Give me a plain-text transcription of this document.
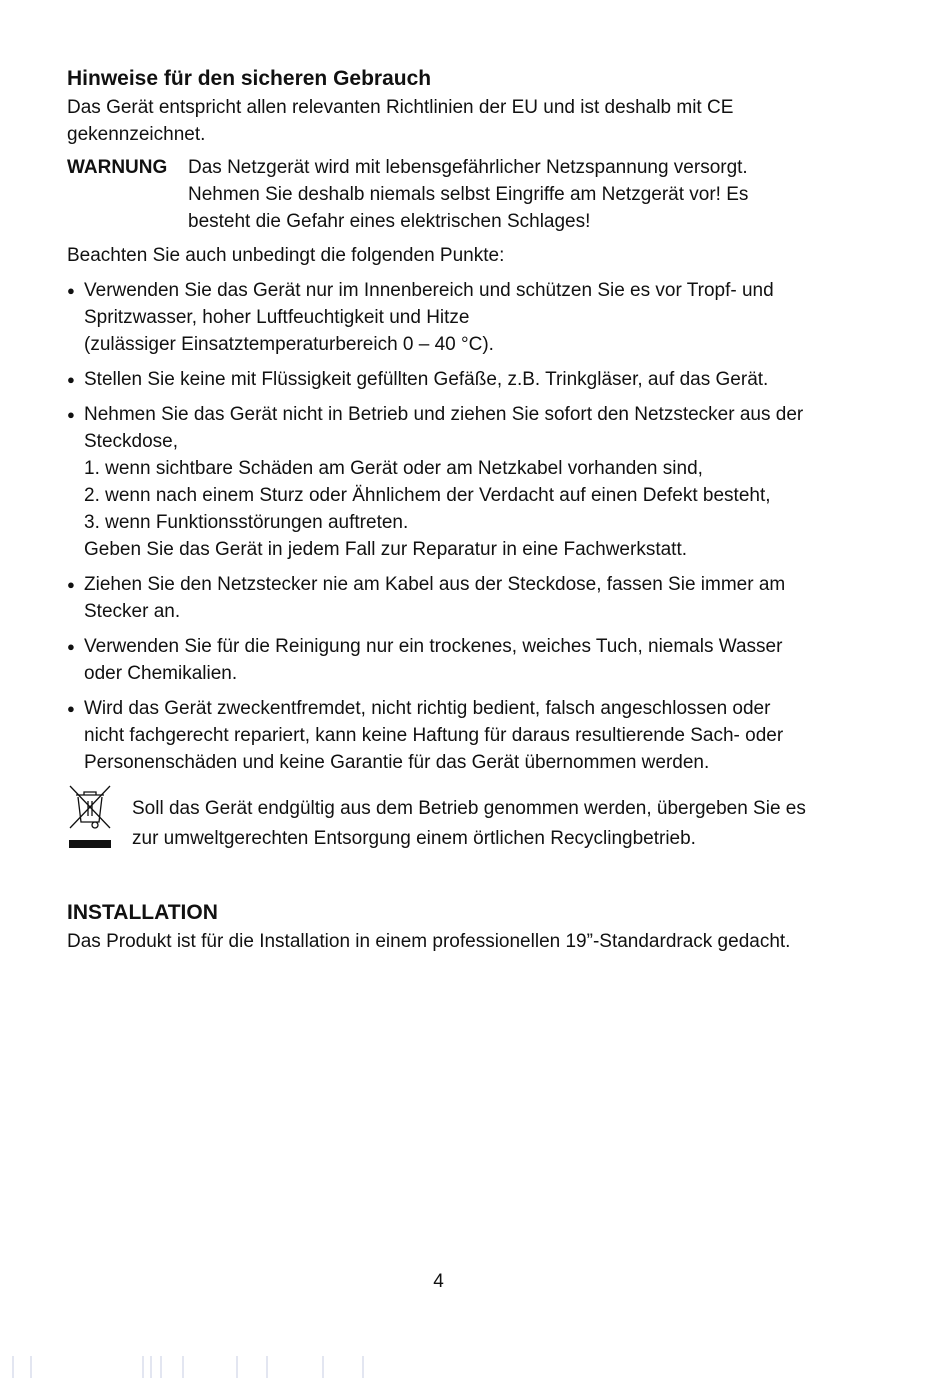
Hinweise für den sicheren Gebrauch

Das Gerät entspricht allen relevanten Richtlinien der EU und ist deshalb mit CE gekennzeichnet.

WARNUNG	Das Netzgerät wird mit lebensgefährlicher Netzspannung versorgt. Nehmen Sie deshalb niemals selbst Eingriffe am Netzgerät vor! Es besteht die Gefahr eines elektrischen Schlages!

Beachten Sie auch unbedingt die folgenden Punkte:

● Verwenden Sie das Gerät nur im Innenbereich und schützen Sie es vor Tropf- und Spritzwasser, hoher Luftfeuchtigkeit und Hitze
(zulässiger Einsatztemperaturbereich 0 – 40 °C).
● Stellen Sie keine mit Flüssigkeit gefüllten Gefäße, z.B. Trinkgläser, auf das Gerät.
● Nehmen Sie das Gerät nicht in Betrieb und ziehen Sie sofort den Netzstecker aus der Steckdose,
1. wenn sichtbare Schäden am Gerät oder am Netzkabel vorhanden sind,
2. wenn nach einem Sturz oder Ähnlichem der Verdacht auf einen Defekt besteht,
3. wenn Funktionsstörungen auftreten.
Geben Sie das Gerät in jedem Fall zur Reparatur in eine Fachwerkstatt.
● Ziehen Sie den Netzstecker nie am Kabel aus der Steckdose, fassen Sie immer am Stecker an.
● Verwenden Sie für die Reinigung nur ein trockenes, weiches Tuch, niemals Wasser oder Chemikalien.
● Wird das Gerät zweckentfremdet, nicht richtig bedient, falsch angeschlossen oder nicht fachgerecht repariert, kann keine Haftung für daraus resultierende Sach- oder Personenschäden und keine Garantie für das Gerät übernommen werden.
Soll das Gerät endgültig aus dem Betrieb genommen werden, übergeben Sie es zur umweltgerechten Entsorgung einem örtlichen Recyclingbetrieb.
INSTALLATION

Das Produkt ist für die Installation in einem professionellen 19”-Standardrack gedacht.

4
